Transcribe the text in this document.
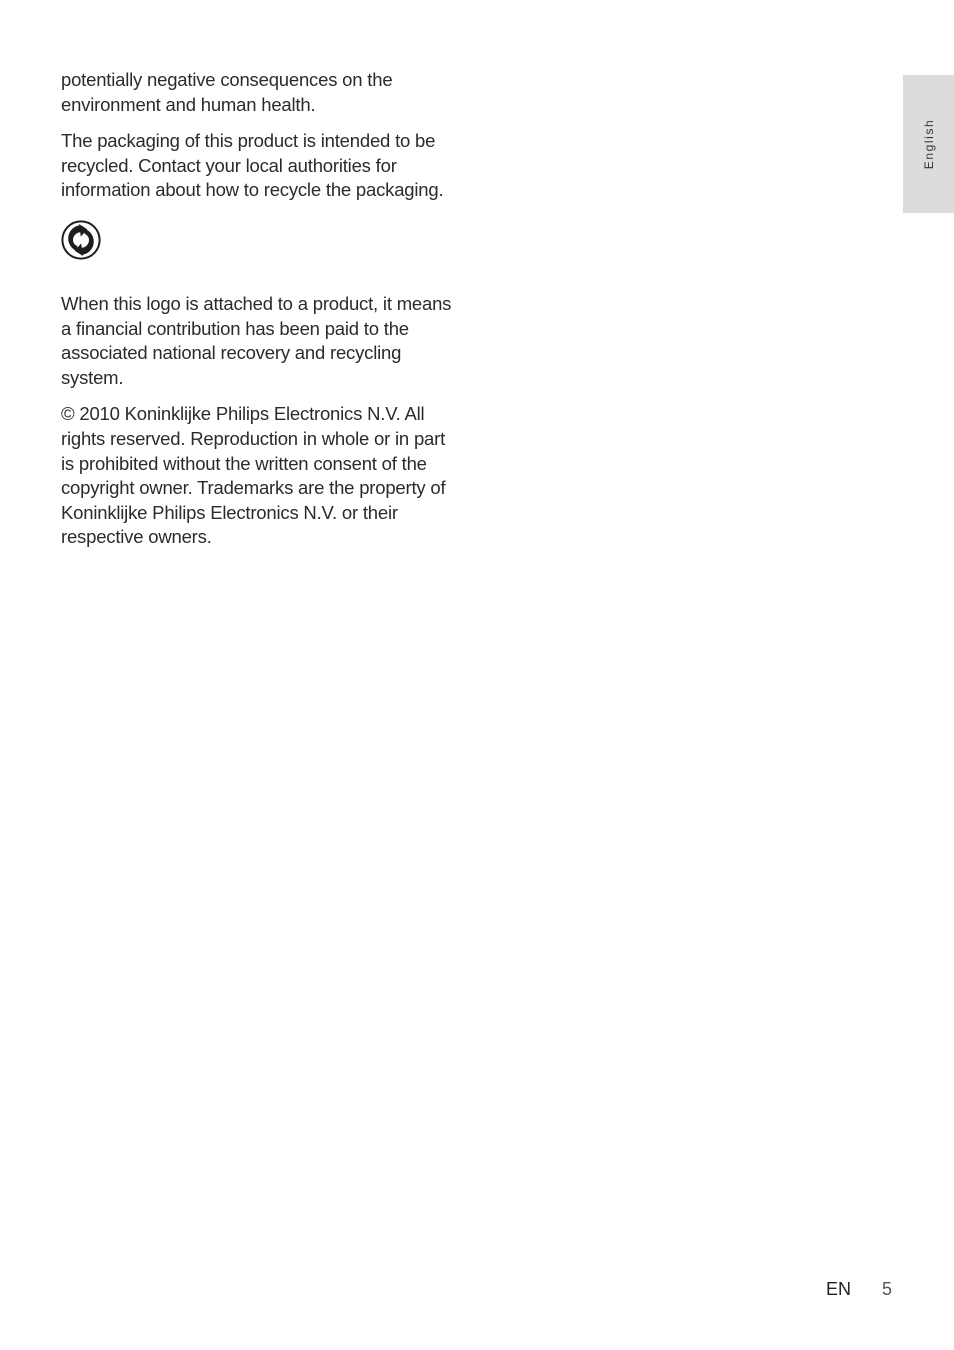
English

potentially negative consequences on the environment and human health.

The packaging of this product is intended to be recycled. Contact your local authorities for information about how to recycle the packaging.

When this logo is attached to a product, it means a financial contribution has been paid to the associated national recovery and recycling system.

© 2010 Koninklijke Philips Electronics N.V. All rights reserved. Reproduction in whole or in part is prohibited without the written consent of the copyright owner. Trademarks are the property of Koninklijke Philips Electronics N.V. or their respective owners.

EN 5
